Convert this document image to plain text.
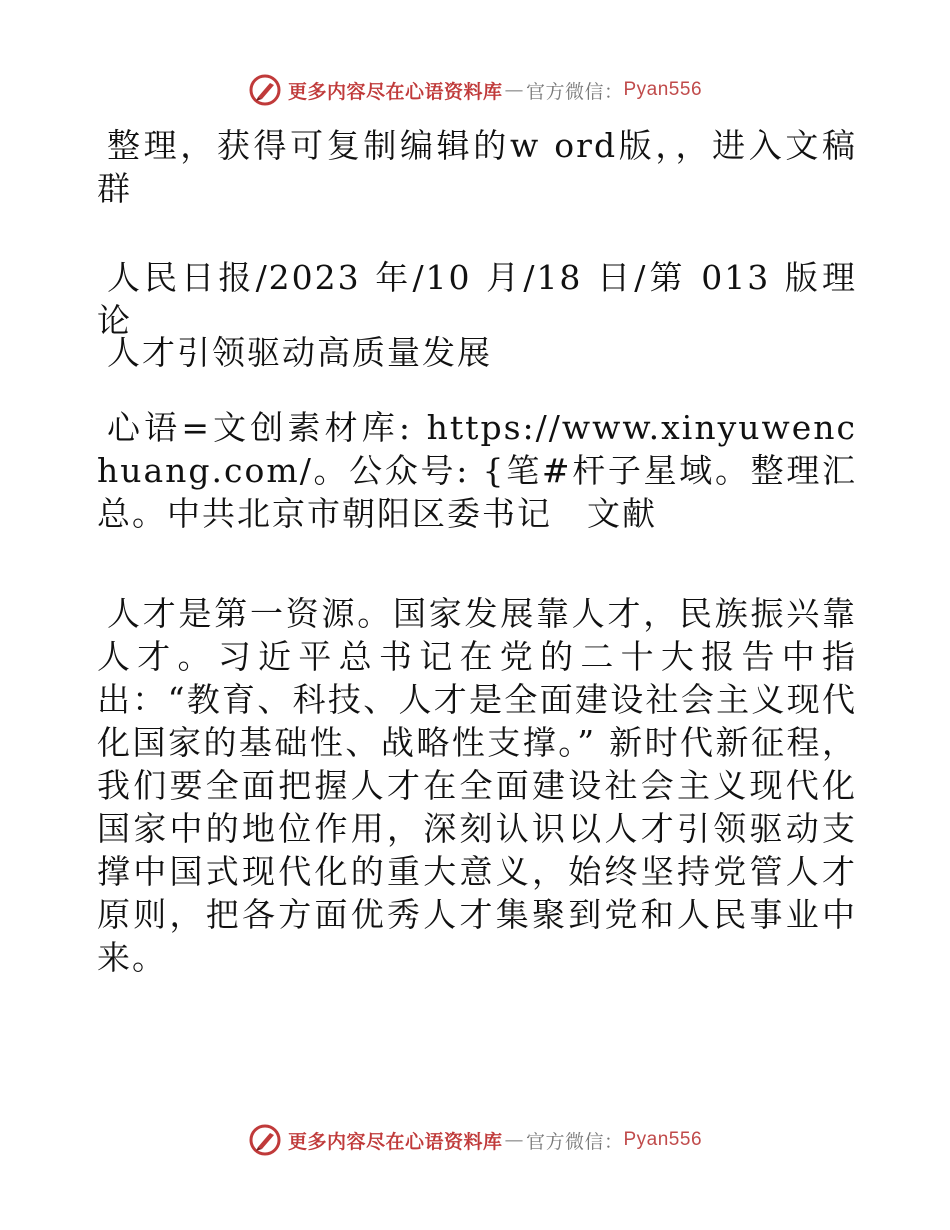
更多内容尽在心语资料库 — 官方微信： Pyan556

整理，获得可复制编辑的w ord版，，进入文稿群

人民日报/2023 年/10 月/18 日/第 013 版理论

人才引领驱动高质量发展

心语=文创素材库: https://www.xinyuwenchuang.com/。公众号: {笔#杆子星域。整理汇总。中共北京市朝阳区委书记　文献

人才是第一资源。国家发展靠人才，民族振兴靠人才。习近平总书记在党的二十大报告中指出：“教育、科技、人才是全面建设社会主义现代化国家的基础性、战略性支撑。” 新时代新征程，我们要全面把握人才在全面建设社会主义现代化国家中的地位作用，深刻认识以人才引领驱动支撑中国式现代化的重大意义，始终坚持党管人才原则，把各方面优秀人才集聚到党和人民事业中来。

更多内容尽在心语资料库 — 官方微信： Pyan556
